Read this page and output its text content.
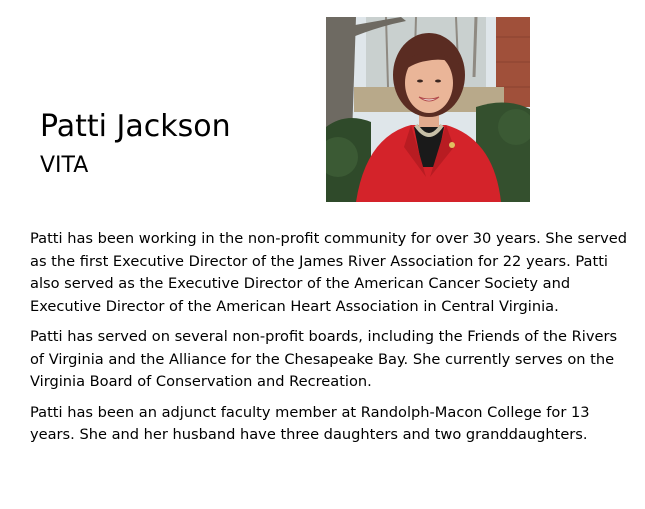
Patti Jackson
VITA

Patti has been working in the non-profit community for over 30 years. She served as the first Executive Director of the James River Association for 22 years. Patti also served as the Executive Director of the American Cancer Society and Executive Director of the American Heart Association in Central Virginia.

Patti has served on several non-profit boards, including the Friends of the Rivers of Virginia and the Alliance for the Chesapeake Bay. She currently serves on the Virginia Board of Conservation and Recreation.

Patti has been an adjunct faculty member at Randolph-Macon College for 13 years. She and her husband have three daughters and two granddaughters.
